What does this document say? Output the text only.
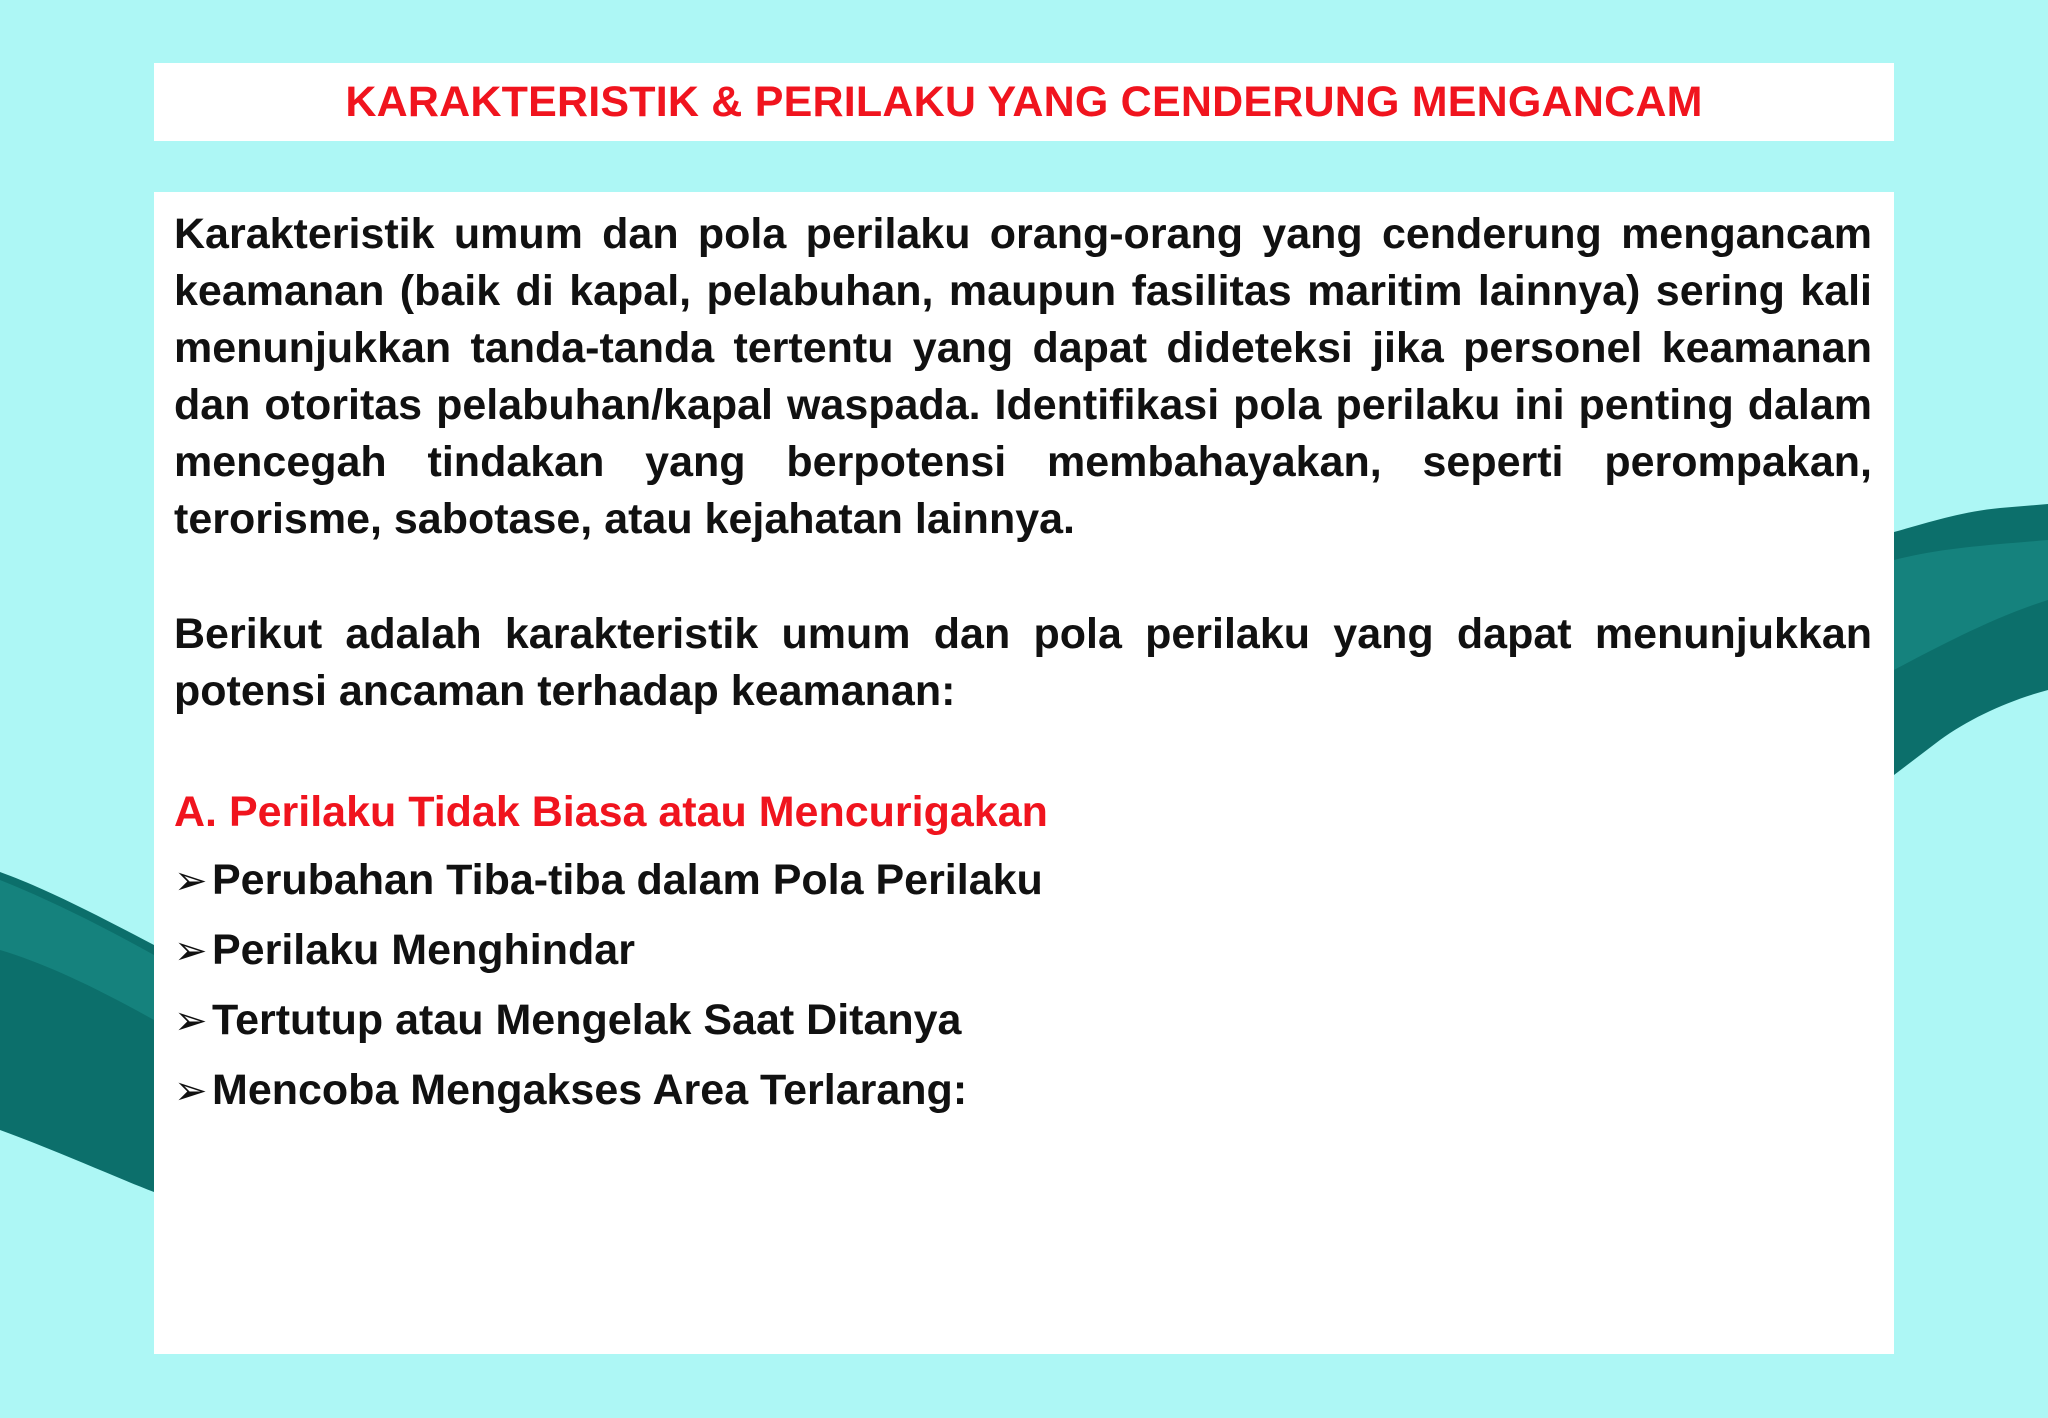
KARAKTERISTIK & PERILAKU YANG CENDERUNG MENGANCAM

Karakteristik umum dan pola perilaku orang-orang yang cenderung mengancam keamanan (baik di kapal, pelabuhan, maupun fasilitas maritim lainnya) sering kali menunjukkan tanda-tanda tertentu yang dapat dideteksi jika personel keamanan dan otoritas pelabuhan/kapal waspada. Identifikasi pola perilaku ini penting dalam mencegah tindakan yang berpotensi membahayakan, seperti perompakan, terorisme, sabotase, atau kejahatan lainnya.

Berikut adalah karakteristik umum dan pola perilaku yang dapat menunjukkan potensi ancaman terhadap keamanan:

A. Perilaku Tidak Biasa atau Mencurigakan
➢ Perubahan Tiba-tiba dalam Pola Perilaku
➢ Perilaku Menghindar
➢ Tertutup atau Mengelak Saat Ditanya
➢ Mencoba Mengakses Area Terlarang:
